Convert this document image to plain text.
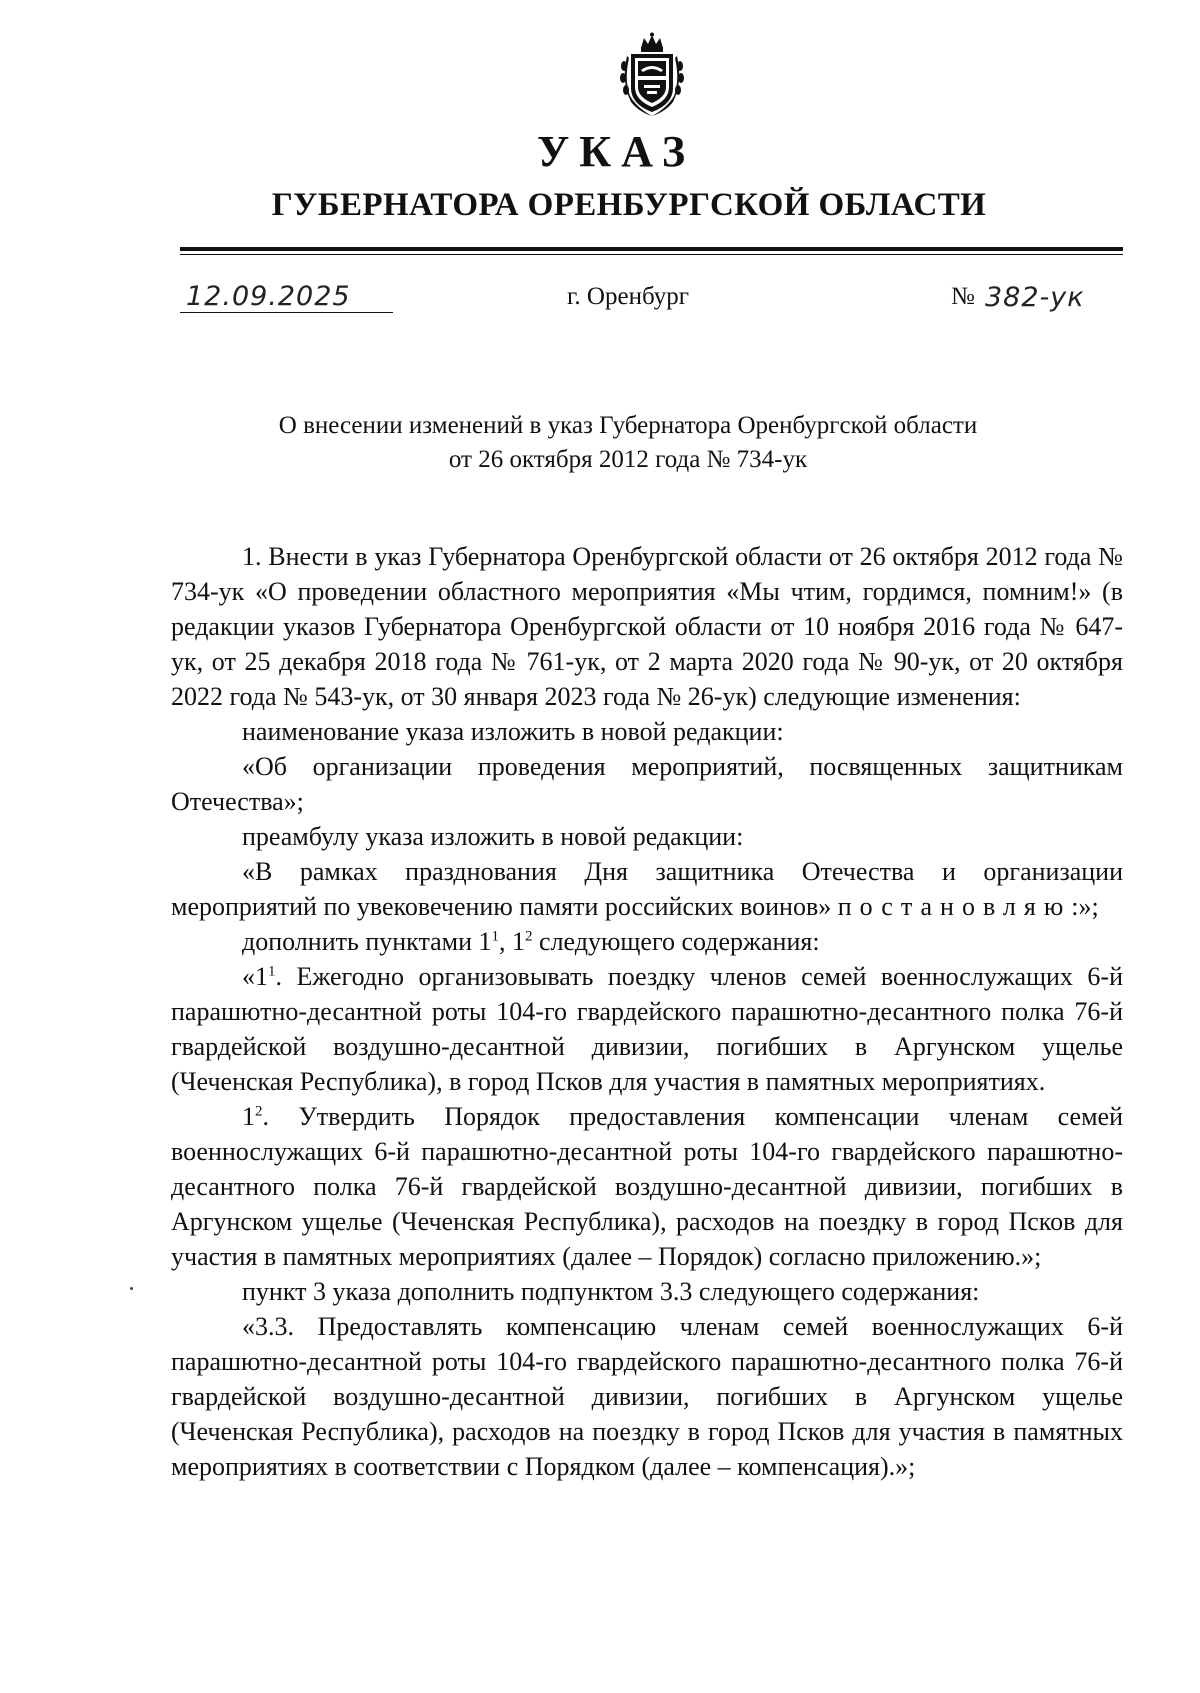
УКАЗ
ГУБЕРНАТОРА ОРЕНБУРГСКОЙ ОБЛАСТИ
12.09.2025	г. Оренбург	№ 382-ук

О внесении изменений в указ Губернатора Оренбургской области

от 26 октября 2012 года № 734-ук

1. Внести в указ Губернатора Оренбургской области от 26 октября 2012 года № 734-ук «О проведении областного мероприятия «Мы чтим, гордимся, помним!» (в редакции указов Губернатора Оренбургской области от 10 ноября 2016 года № 647-ук, от 25 декабря 2018 года № 761-ук, от 2 марта 2020 года № 90-ук, от 20 октября 2022 года № 543-ук, от 30 января 2023 года № 26-ук) следующие изменения:

наименование указа изложить в новой редакции:

«Об организации проведения мероприятий, посвященных защитникам Отечества»;

преамбулу указа изложить в новой редакции:

«В рамках празднования Дня защитника Отечества и организации мероприятий по увековечению памяти российских воинов» постановляю:»;

дополнить пунктами $1^1$, $1^2$ следующего содержания:

«$1^1$. Ежегодно организовывать поездку членов семей военнослужащих 6-й парашютно-десантной роты 104-го гвардейского парашютно-десантного полка 76-й гвардейской воздушно-десантной дивизии, погибших в Аргунском ущелье (Чеченская Республика), в город Псков для участия в памятных мероприятиях.

$1^2$. Утвердить Порядок предоставления компенсации членам семей военнослужащих 6-й парашютно-десантной роты 104-го гвардейского парашютно-десантного полка 76-й гвардейской воздушно-десантной дивизии, погибших в Аргунском ущелье (Чеченская Республика), расходов на поездку в город Псков для участия в памятных мероприятиях (далее – Порядок) согласно приложению.»;

пункт 3 указа дополнить подпунктом 3.3 следующего содержания:

«3.3. Предоставлять компенсацию членам семей военнослужащих 6-й парашютно-десантной роты 104-го гвардейского парашютно-десантного полка 76-й гвардейской воздушно-десантной дивизии, погибших в Аргунском ущелье (Чеченская Республика), расходов на поездку в город Псков для участия в памятных мероприятиях в соответствии с Порядком (далее – компенсация).»;
